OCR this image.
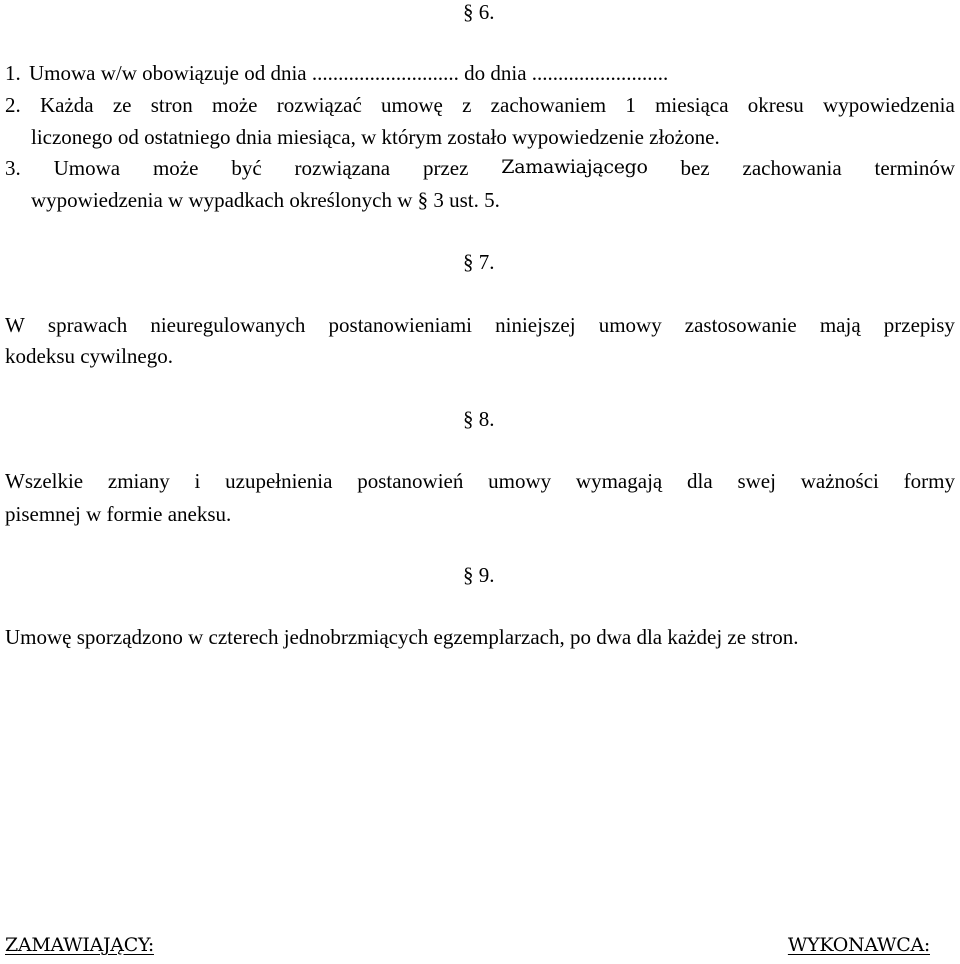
§ 6.
1. Umowa w/w obowiązuje od dnia ............................ do dnia ..........................
2. Każda ze stron może rozwiązać umowę z zachowaniem 1 miesiąca okresu wypowiedzenia
liczonego od ostatniego dnia miesiąca, w którym zostało wypowiedzenie złożone.
3. Umowa może być rozwiązana przez Zamawiającego bez zachowania terminów
wypowiedzenia w wypadkach określonych w § 3 ust. 5.
§ 7.
W sprawach nieuregulowanych postanowieniami niniejszej umowy zastosowanie mają przepisy
kodeksu cywilnego.
§ 8.
Wszelkie zmiany i uzupełnienia postanowień umowy wymagają dla swej ważności formy
pisemnej w formie aneksu.
§ 9.
Umowę sporządzono w czterech jednobrzmiących egzemplarzach, po dwa dla każdej ze stron.
ZAMAWIAJĄCY:	WYKONAWCA:
